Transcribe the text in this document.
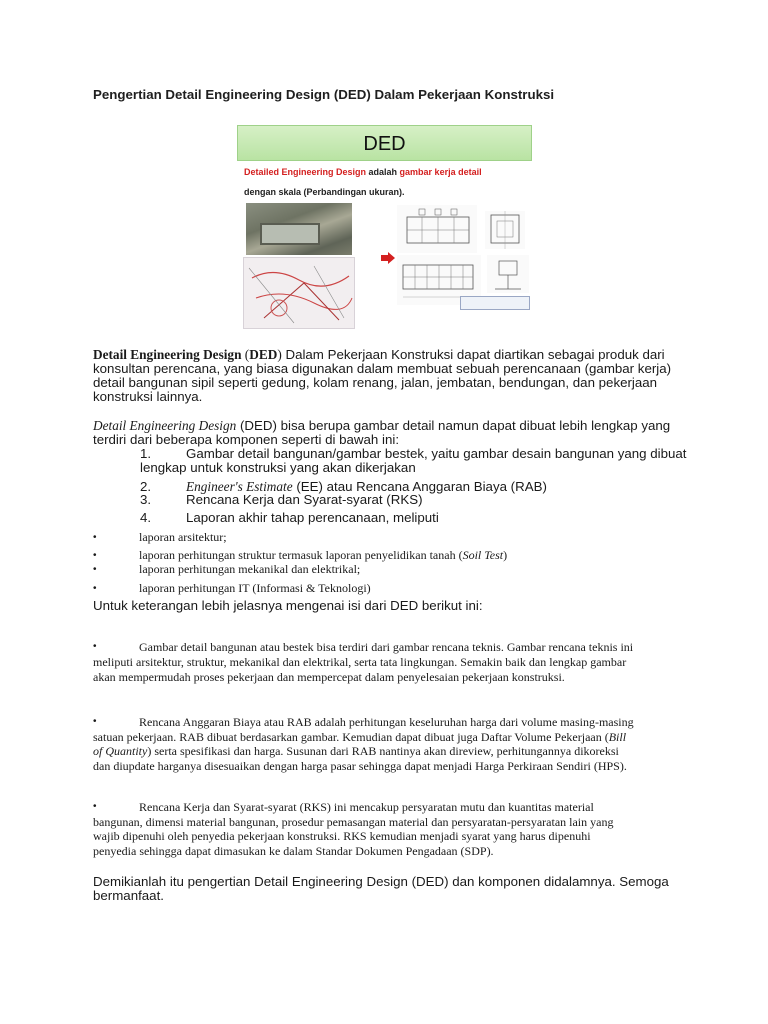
Pengertian Detail Engineering Design (DED) Dalam Pekerjaan Konstruksi
DED
Detailed Engineering Design adalah gambar kerja detail
dengan skala (Perbandingan ukuran).
Detail Engineering Design (DED) Dalam Pekerjaan Konstruksi dapat diartikan sebagai produk dari
konsultan perencana, yang biasa digunakan dalam membuat sebuah perencanaan (gambar kerja)
detail bangunan sipil seperti gedung, kolam renang, jalan, jembatan, bendungan, dan pekerjaan
konstruksi lainnya.
Detail Engineering Design (DED) bisa berupa gambar detail namun dapat dibuat lebih lengkap yang
terdiri dari beberapa komponen seperti di bawah ini:
1.	Gambar detail bangunan/gambar bestek, yaitu gambar desain bangunan yang dibuat
lengkap untuk konstruksi yang akan dikerjakan
2.	Engineer's Estimate (EE) atau Rencana Anggaran Biaya (RAB)
3.	Rencana Kerja dan Syarat-syarat (RKS)
4.	Laporan akhir tahap perencanaan, meliputi
•	laporan arsitektur;
•	laporan perhitungan struktur termasuk laporan penyelidikan tanah (Soil Test)
•	laporan perhitungan mekanikal dan elektrikal;
•	laporan perhitungan IT (Informasi & Teknologi)
Untuk keterangan lebih jelasnya mengenai isi dari DED berikut ini:
•	Gambar detail bangunan atau bestek bisa terdiri dari gambar rencana teknis. Gambar rencana teknis ini
meliputi arsitektur, struktur, mekanikal dan elektrikal, serta tata lingkungan. Semakin baik dan lengkap gambar
akan mempermudah proses pekerjaan dan mempercepat dalam penyelesaian pekerjaan konstruksi.
•	Rencana Anggaran Biaya atau RAB adalah perhitungan keseluruhan harga dari volume masing-masing
satuan pekerjaan. RAB dibuat berdasarkan gambar. Kemudian dapat dibuat juga Daftar Volume Pekerjaan (Bill
of Quantity) serta spesifikasi dan harga. Susunan dari RAB nantinya akan direview, perhitungannya dikoreksi
dan diupdate harganya disesuaikan dengan harga pasar sehingga dapat menjadi Harga Perkiraan Sendiri (HPS).
•	Rencana Kerja dan Syarat-syarat (RKS) ini mencakup persyaratan mutu dan kuantitas material
bangunan, dimensi material bangunan, prosedur pemasangan material dan persyaratan-persyaratan lain yang
wajib dipenuhi oleh penyedia pekerjaan konstruksi. RKS kemudian menjadi syarat yang harus dipenuhi
penyedia sehingga dapat dimasukan ke dalam Standar Dokumen Pengadaan (SDP).
Demikianlah itu pengertian Detail Engineering Design (DED) dan komponen didalamnya. Semoga
bermanfaat.
